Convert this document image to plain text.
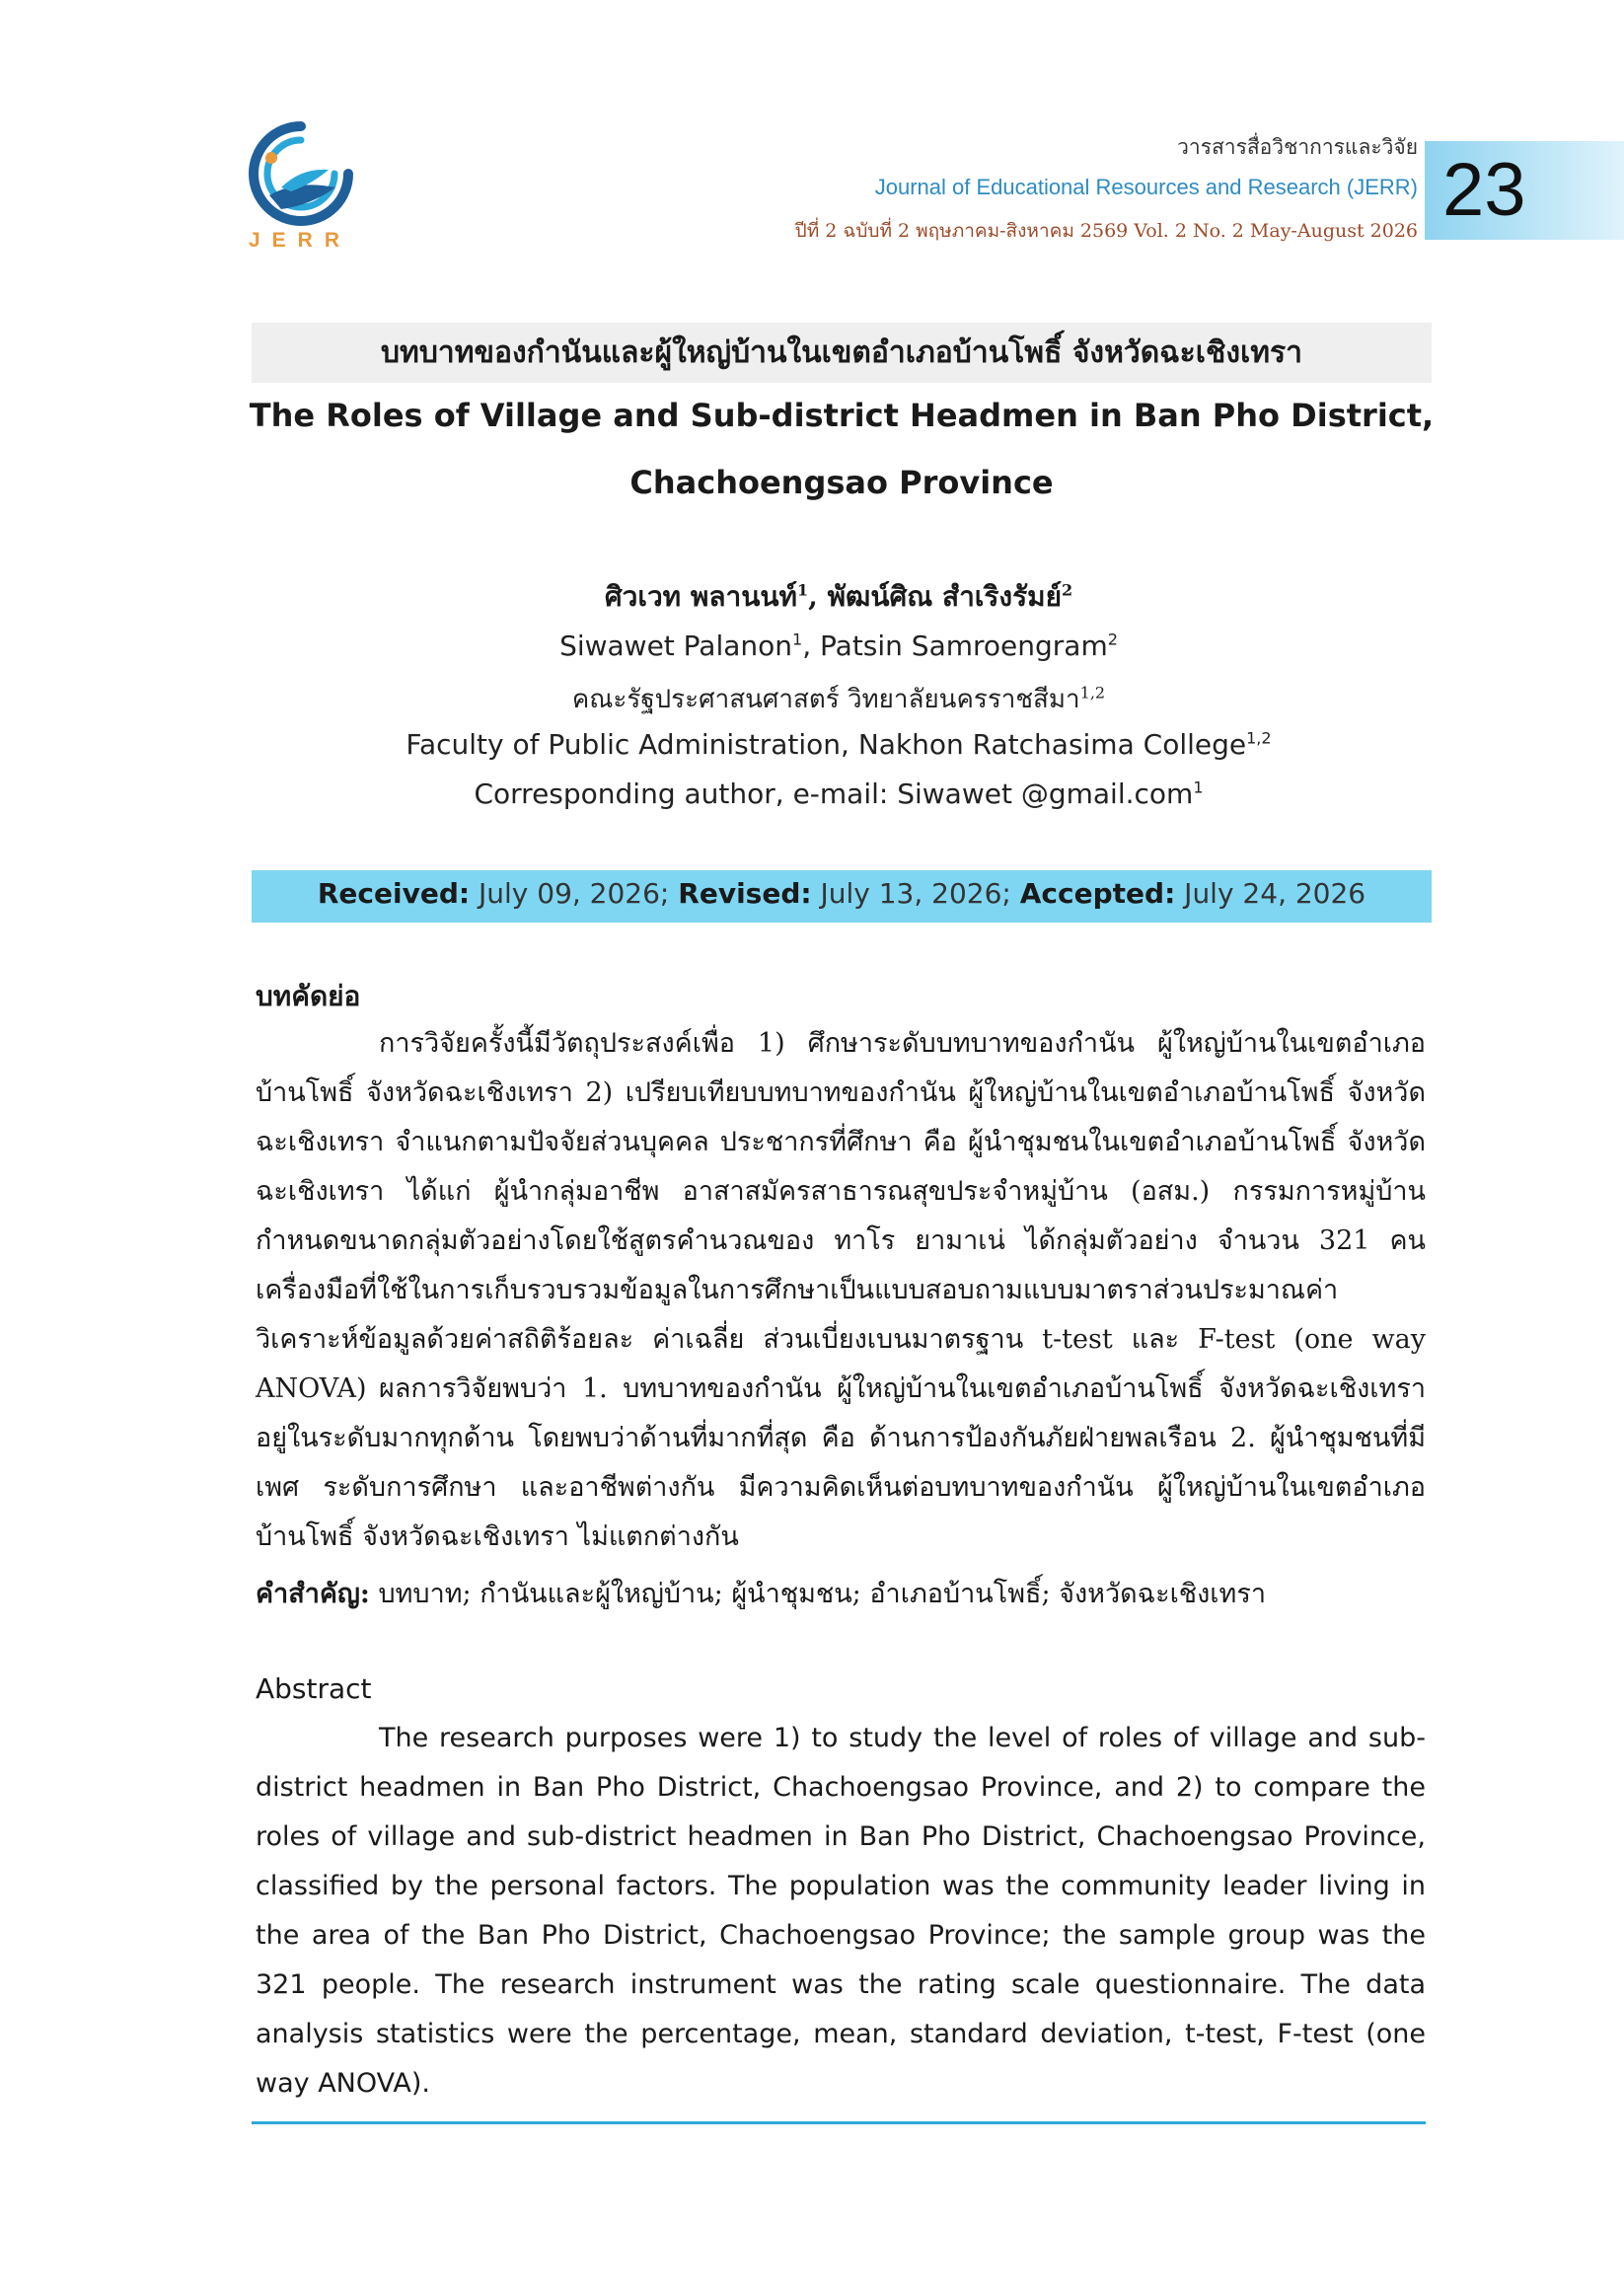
JERR
วารสารสื่อวิชาการและวิจัย
Journal of Educational Resources and Research (JERR)
ปีที่ 2 ฉบับที่ 2 พฤษภาคม-สิงหาคม 2569 Vol. 2 No. 2 May-August 2026 23
บทบาทของกำนันและผู้ใหญ่บ้านในเขตอำเภอบ้านโพธิ์ จังหวัดฉะเชิงเทรา
The Roles of Village and Sub-district Headmen in Ban Pho District,
Chachoengsao Province
ศิวเวท พลานนท์$^1$, พัฒน์ศิณ สำเริงรัมย์$^2$
Siwawet Palanon$^1$, Patsin Samroengram$^2$
คณะรัฐประศาสนศาสตร์ วิทยาลัยนครราชสีมา$^{1,2}$
Faculty of Public Administration, Nakhon Ratchasima College$^{1,2}$
Corresponding author, e-mail: Siwawet @gmail.com$^1$
Received: July 09, 2026; Revised: July 13, 2026; Accepted: July 24, 2026
บทคัดย่อ
การวิจัยครั้งนี้มีวัตถุประสงค์เพื่อ 1) ศึกษาระดับบทบาทของกำนัน ผู้ใหญ่บ้านในเขตอำเภอบ้านโพธิ์ จังหวัดฉะเชิงเทรา 2) เปรียบเทียบบทบาทของกำนัน ผู้ใหญ่บ้านในเขตอำเภอบ้านโพธิ์ จังหวัดฉะเชิงเทรา จำแนกตามปัจจัยส่วนบุคคล ประชากรที่ศึกษา คือ ผู้นำชุมชนในเขตอำเภอบ้านโพธิ์ จังหวัดฉะเชิงเทรา ได้แก่ ผู้นำกลุ่มอาชีพ อาสาสมัครสาธารณสุขประจำหมู่บ้าน (อสม.) กรรมการหมู่บ้าน กำหนดขนาดกลุ่มตัวอย่างโดยใช้สูตรคำนวณของ ทาโร ยามาเน่ ได้กลุ่มตัวอย่าง จำนวน 321 คน เครื่องมือที่ใช้ในการเก็บรวบรวมข้อมูลในการศึกษาเป็นแบบสอบถามแบบมาตราส่วนประมาณค่า วิเคราะห์ข้อมูลด้วยค่าสถิติร้อยละ ค่าเฉลี่ย ส่วนเบี่ยงเบนมาตรฐาน t-test และ F-test (one way ANOVA) ผลการวิจัยพบว่า 1. บทบาทของกำนัน ผู้ใหญ่บ้านในเขตอำเภอบ้านโพธิ์ จังหวัดฉะเชิงเทรา อยู่ในระดับมากทุกด้าน โดยพบว่าด้านที่มากที่สุด คือ ด้านการป้องกันภัยฝ่ายพลเรือน 2. ผู้นำชุมชนที่มีเพศ ระดับการศึกษา และอาชีพต่างกัน มีความคิดเห็นต่อบทบาทของกำนัน ผู้ใหญ่บ้านในเขตอำเภอบ้านโพธิ์ จังหวัดฉะเชิงเทรา ไม่แตกต่างกัน
คำสำคัญ: บทบาท; กำนันและผู้ใหญ่บ้าน; ผู้นำชุมชน; อำเภอบ้านโพธิ์; จังหวัดฉะเชิงเทรา
Abstract
The research purposes were 1) to study the level of roles of village and sub-district headmen in Ban Pho District, Chachoengsao Province, and 2) to compare the roles of village and sub-district headmen in Ban Pho District, Chachoengsao Province, classified by the personal factors. The population was the community leader living in the area of the Ban Pho District, Chachoengsao Province; the sample group was the 321 people. The research instrument was the rating scale questionnaire. The data analysis statistics were the percentage, mean, standard deviation, t-test, F-test (one way ANOVA).
